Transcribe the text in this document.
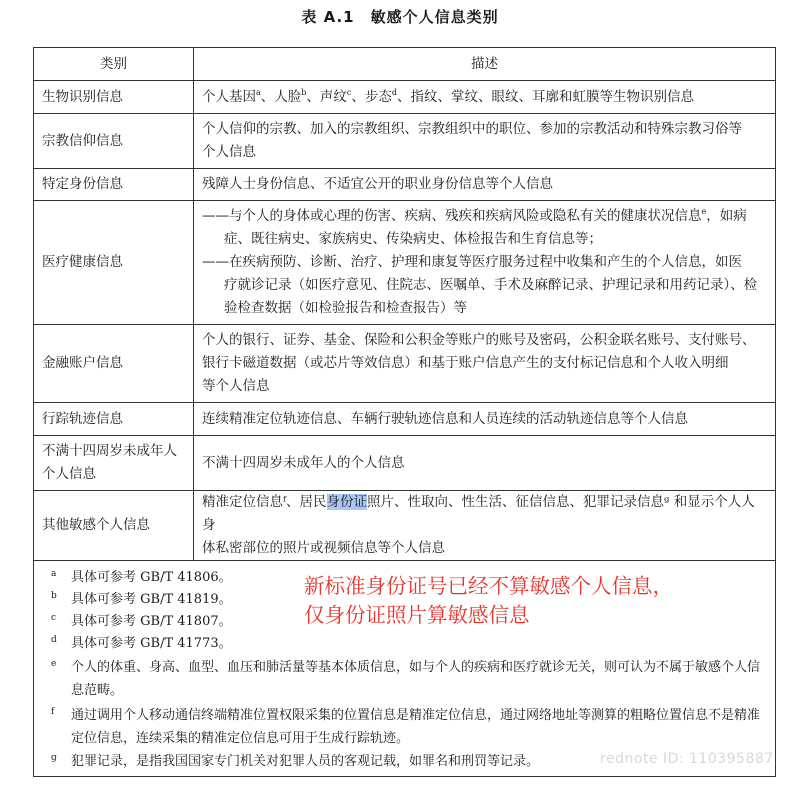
表 A.1　敏感个人信息类别
类别	描述
生物识别信息	个人基因$^a$、人脸$^b$、声纹$^c$、步态$^d$、指纹、掌纹、眼纹、耳廓和虹膜等生物识别信息

宗教信仰信息	个人信仰的宗教、加入的宗教组织、宗教组织中的职位、参加的宗教活动和特殊宗教习俗等
个人信息

特定身份信息	残障人士身份信息、不适宜公开的职业身份信息等个人信息

医疗健康信息	——与个人的身体或心理的伤害、疾病、残疾和疾病风险或隐私有关的健康状况信息$^e$，如病
症、既往病史、家族病史、传染病史、体检报告和生育信息等；
——在疾病预防、诊断、治疗、护理和康复等医疗服务过程中收集和产生的个人信息，如医
疗就诊记录（如医疗意见、住院志、医嘱单、手术及麻醉记录、护理记录和用药记录）、检
验检查数据（如检验报告和检查报告）等

金融账户信息	个人的银行、证券、基金、保险和公积金等账户的账号及密码，公积金联名账号、支付账号、
银行卡磁道数据（或芯片等效信息）和基于账户信息产生的支付标记信息和个人收入明细
等个人信息

行踪轨迹信息	连续精准定位轨迹信息、车辆行驶轨迹信息和人员连续的活动轨迹信息等个人信息

不满十四周岁未成年人个人信息	不满十四周岁未成年人的个人信息

其他敏感个人信息	精准定位信息ᶠ、居民身份证照片、性取向、性生活、征信信息、犯罪记录信息ᵍ 和显示个人人身
体私密部位的照片或视频信息等个人信息
a 具体可参考 GB/T 41806。
b 具体可参考 GB/T 41819。
c 具体可参考 GB/T 41807。
d 具体可参考 GB/T 41773。
e 个人的体重、身高、血型、血压和肺活量等基本体质信息，如与个人的疾病和医疗就诊无关，则可认为不属于敏感个人信息范畴。
f 通过调用个人移动通信终端精准位置权限采集的位置信息是精准定位信息，通过网络地址等测算的粗略位置信息不是精准定位信息，连续采集的精准定位信息可用于生成行踪轨迹。
g 犯罪记录，是指我国国家专门机关对犯罪人员的客观记载，如罪名和刑罚等记录。
新标准身份证号已经不算敏感个人信息，
仅身份证照片算敏感信息
rednote ID: 110395887
